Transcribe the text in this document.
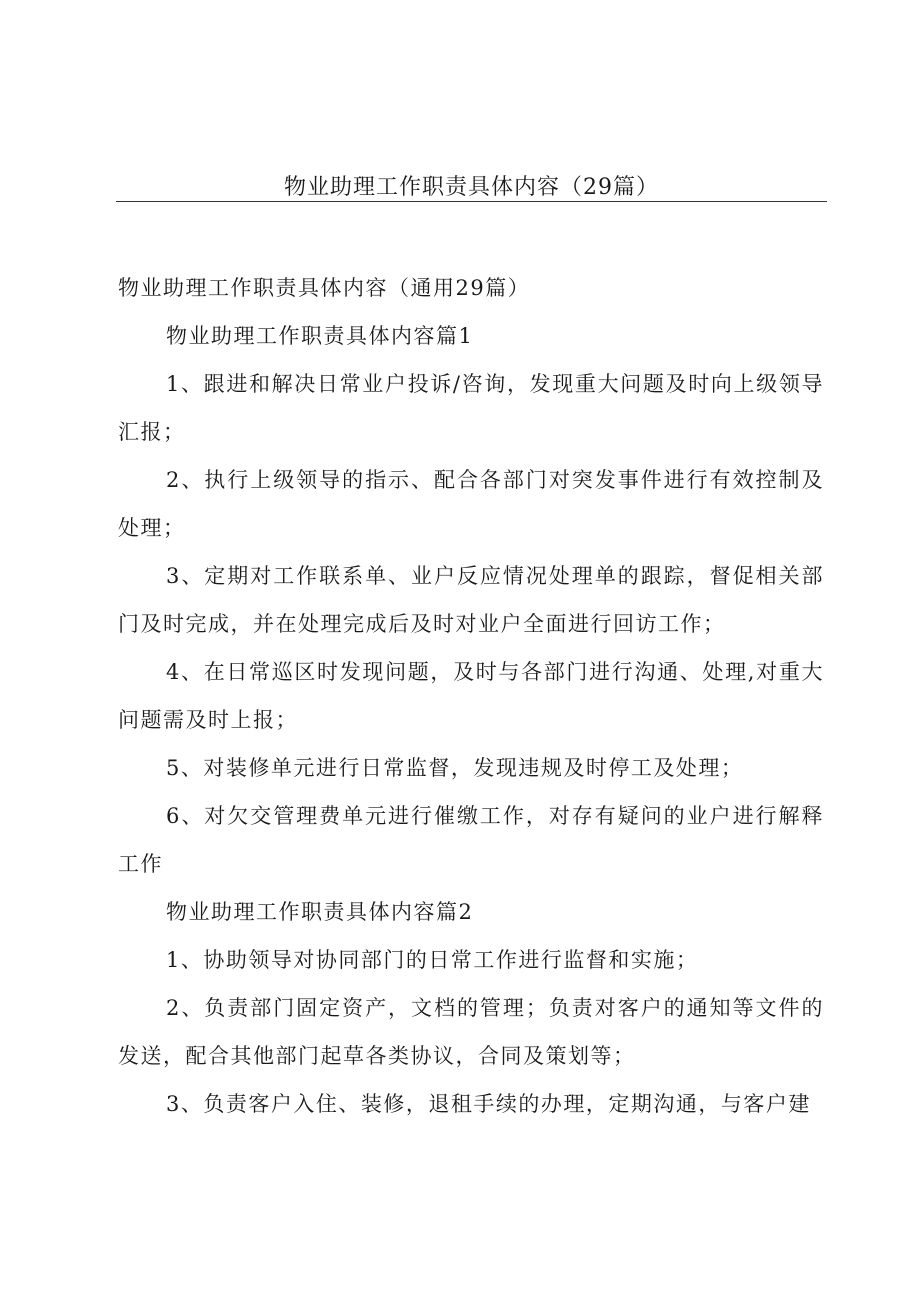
物业助理工作职责具体内容（29篇）

物业助理工作职责具体内容（通用29篇）

物业助理工作职责具体内容篇1

1、跟进和解决日常业户投诉/咨询，发现重大问题及时向上级领导汇报；

2、执行上级领导的指示、配合各部门对突发事件进行有效控制及处理；

3、定期对工作联系单、业户反应情况处理单的跟踪，督促相关部门及时完成，并在处理完成后及时对业户全面进行回访工作；

4、在日常巡区时发现问题，及时与各部门进行沟通、处理,对重大问题需及时上报；

5、对装修单元进行日常监督，发现违规及时停工及处理；

6、对欠交管理费单元进行催缴工作，对存有疑问的业户进行解释工作

物业助理工作职责具体内容篇2

1、协助领导对协同部门的日常工作进行监督和实施；

2、负责部门固定资产，文档的管理；负责对客户的通知等文件的发送，配合其他部门起草各类协议，合同及策划等；

3、负责客户入住、装修，退租手续的办理，定期沟通，与客户建
